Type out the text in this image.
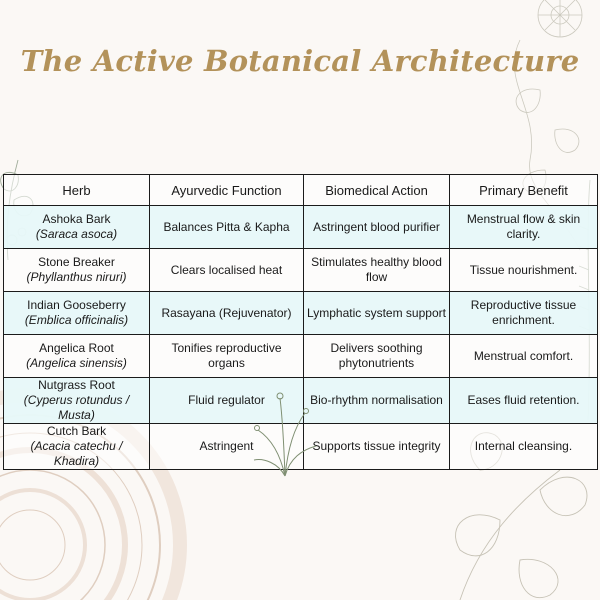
The Active Botanical Architecture
Herb	Ayurvedic Function	Biomedical Action	Primary Benefit

Ashoka Bark
(Saraca asoca)	Balances Pitta & Kapha	Astringent blood purifier	Menstrual flow & skin clarity.

Stone Breaker
(Phyllanthus niruri)	Clears localised heat	Stimulates healthy blood flow	Tissue nourishment.

Indian Gooseberry
(Emblica officinalis)	Rasayana (Rejuvenator)	Lymphatic system support	Reproductive tissue enrichment.

Angelica Root
(Angelica sinensis)	Tonifies reproductive organs	Delivers soothing phytonutrients	Menstrual comfort.

Nutgrass Root
(Cyperus rotundus / Musta)	Fluid regulator	Bio-rhythm normalisation	Eases fluid retention.

Cutch Bark
(Acacia catechu / Khadira)	Astringent	Supports tissue integrity	Internal cleansing.
